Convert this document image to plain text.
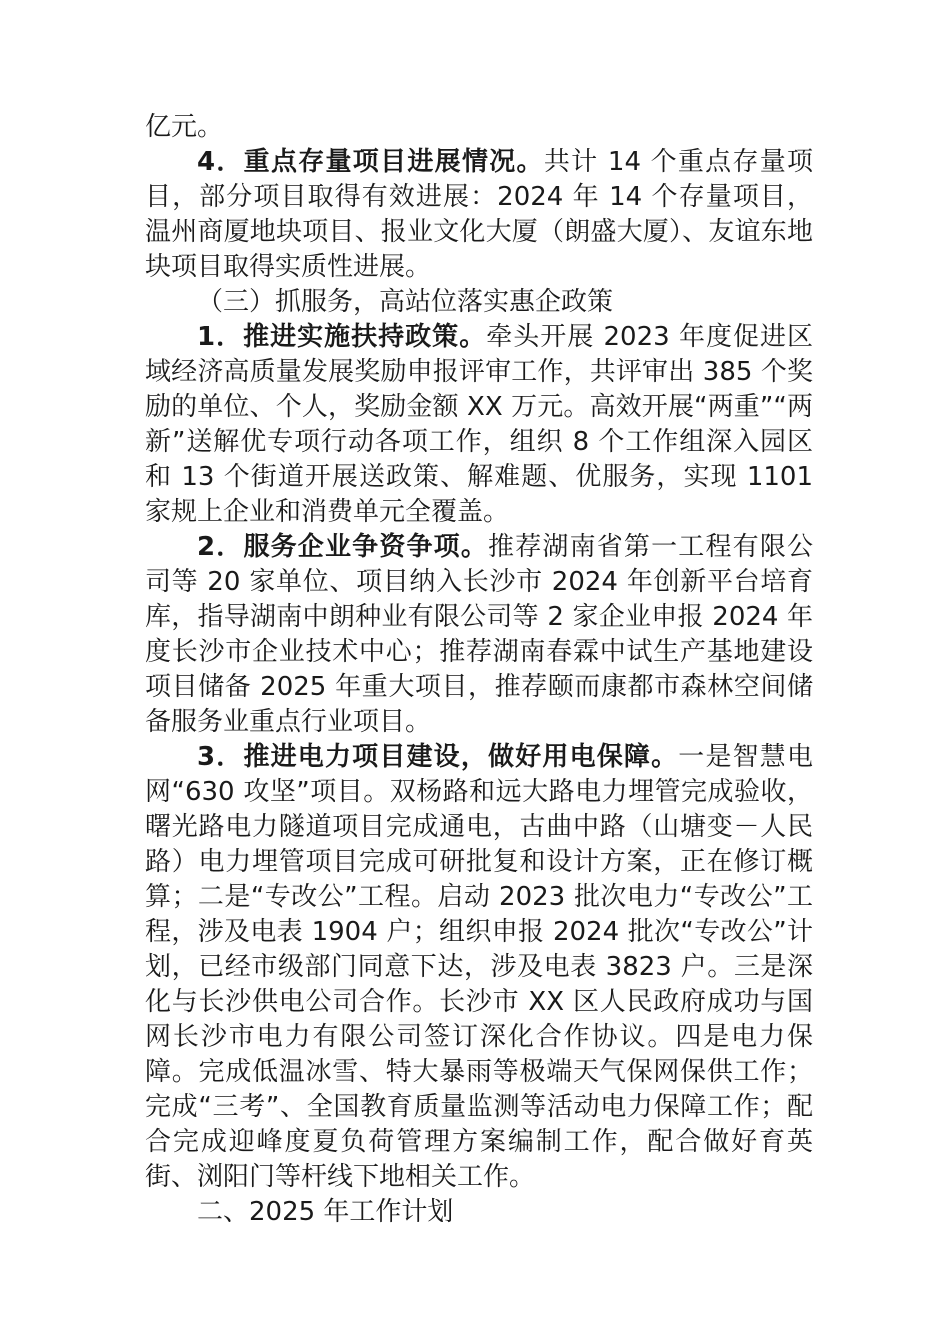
亿元。

4．重点存量项目进展情况。共计 14 个重点存量项目，部分项目取得有效进展：2024 年 14 个存量项目，温州商厦地块项目、报业文化大厦（朗盛大厦）、友谊东地块项目取得实质性进展。

（三）抓服务，高站位落实惠企政策

1．推进实施扶持政策。牵头开展 2023 年度促进区域经济高质量发展奖励申报评审工作，共评审出 385 个奖励的单位、个人，奖励金额 XX 万元。高效开展“两重”“两新”送解优专项行动各项工作，组织 8 个工作组深入园区和 13 个街道开展送政策、解难题、优服务，实现 1101 家规上企业和消费单元全覆盖。

2．服务企业争资争项。推荐湖南省第一工程有限公司等 20 家单位、项目纳入长沙市 2024 年创新平台培育库，指导湖南中朗种业有限公司等 2 家企业申报 2024 年度长沙市企业技术中心；推荐湖南春霖中试生产基地建设项目储备 2025 年重大项目，推荐颐而康都市森林空间储备服务业重点行业项目。

3．推进电力项目建设，做好用电保障。一是智慧电网“630 攻坚”项目。双杨路和远大路电力埋管完成验收，曙光路电力隧道项目完成通电，古曲中路（山塘变－人民路）电力埋管项目完成可研批复和设计方案，正在修订概算；二是“专改公”工程。启动 2023 批次电力“专改公”工程，涉及电表 1904 户；组织申报 2024 批次“专改公”计划，已经市级部门同意下达，涉及电表 3823 户。三是深化与长沙供电公司合作。长沙市 XX 区人民政府成功与国网长沙市电力有限公司签订深化合作协议。四是电力保障。完成低温冰雪、特大暴雨等极端天气保网保供工作；完成“三考”、全国教育质量监测等活动电力保障工作；配合完成迎峰度夏负荷管理方案编制工作，配合做好育英街、浏阳门等杆线下地相关工作。

二、2025 年工作计划
